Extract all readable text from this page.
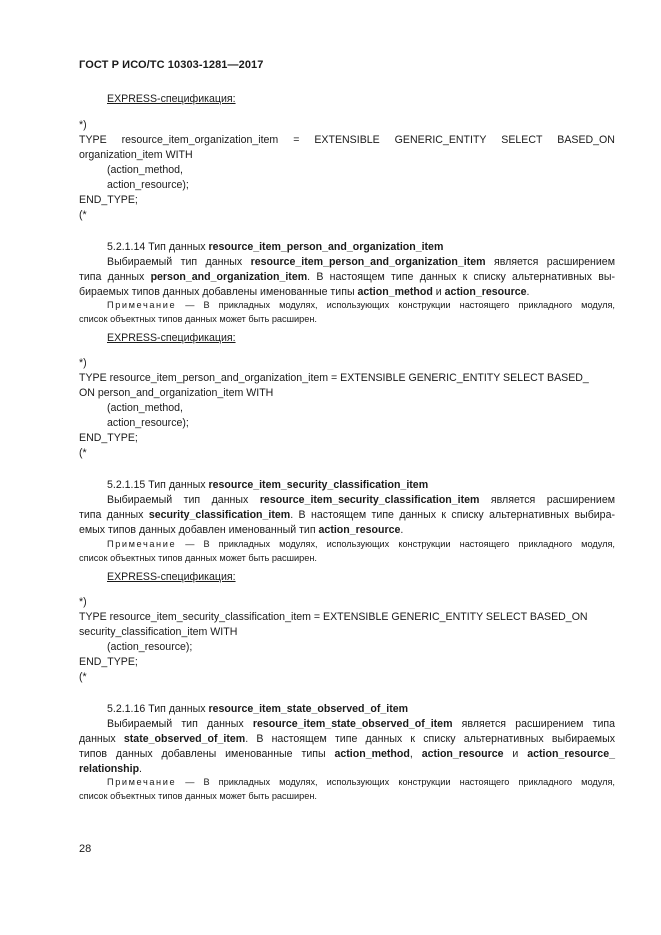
ГОСТ Р ИСО/ТС 10303-1281—2017
EXPRESS-спецификация:

*)

TYPE resource_item_organization_item = EXTENSIBLE GENERIC_ENTITY SELECT BASED_ON

organization_item WITH

(action_method,

action_resource);

END_TYPE;

(*

5.2.1.14 Тип данных resource_item_person_and_organization_item

Выбираемый тип данных resource_item_person_and_organization_item является расширением

типа данных person_and_organization_item. В настоящем типе данных к списку альтернативных вы-

бираемых типов данных добавлены именованные типы action_method и action_resource.

Примечание — В прикладных модулях, использующих конструкции настоящего прикладного модуля,

список объектных типов данных может быть расширен.

EXPRESS-спецификация:

*)

TYPE resource_item_person_and_organization_item = EXTENSIBLE GENERIC_ENTITY SELECT BASED_

ON person_and_organization_item WITH

(action_method,

action_resource);

END_TYPE;

(*

5.2.1.15 Тип данных resource_item_security_classification_item

Выбираемый тип данных resource_item_security_classification_item является расширением

типа данных security_classification_item. В настоящем типе данных к списку альтернативных выбира-

емых типов данных добавлен именованный тип action_resource.

Примечание — В прикладных модулях, использующих конструкции настоящего прикладного модуля,

список объектных типов данных может быть расширен.

EXPRESS-спецификация:

*)

TYPE resource_item_security_classification_item = EXTENSIBLE GENERIC_ENTITY SELECT BASED_ON

security_classification_item WITH

(action_resource);

END_TYPE;

(*

5.2.1.16 Тип данных resource_item_state_observed_of_item

Выбираемый тип данных resource_item_state_observed_of_item является расширением типа

данных state_observed_of_item. В настоящем типе данных к списку альтернативных выбираемых

типов данных добавлены именованные типы action_method, action_resource и action_resource_

relationship.

Примечание — В прикладных модулях, использующих конструкции настоящего прикладного модуля,

список объектных типов данных может быть расширен.

28
